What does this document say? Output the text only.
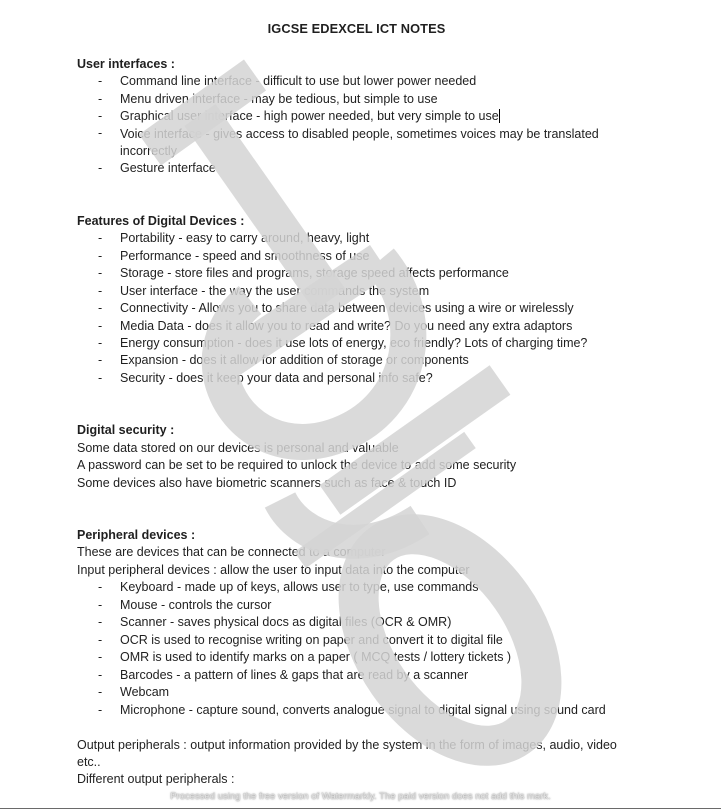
IGCSE EDEXCEL ICT NOTES
User interfaces :
- Command line interface - difficult to use but lower power needed
- Menu driven interface - may be tedious, but simple to use
- Graphical user interface - high power needed, but very simple to use
- Voice interface - gives access to disabled people, sometimes voices may be translated incorrectly
- Gesture interface
Features of Digital Devices :
- Portability - easy to carry around, heavy, light
- Performance - speed and smoothness of use
- Storage - store files and programs, storage speed affects performance
- User interface - the way the user commands the system
- Connectivity - Allows you to share data between devices using a wire or wirelessly
- Media Data - does it allow you to read and write? Do you need any extra adaptors
- Energy consumption - does it use lots of energy, eco friendly? Lots of charging time?
- Expansion - does it allow for addition of storage or components
- Security - does it keep your data and personal info safe?
Digital security :
Some data stored on our devices is personal and valuable
A password can be set to be required to unlock the device to add some security
Some devices also have biometric scanners such as face & touch ID
Peripheral devices :
These are devices that can be connected to a computer
Input peripheral devices : allow the user to input data into the computer
- Keyboard - made up of keys, allows user to type, use commands
- Mouse - controls the cursor
- Scanner - saves physical docs as digital files (OCR & OMR)
- OCR is used to recognise writing on paper and convert it to digital file
- OMR is used to identify marks on a paper ( MCQ tests / lottery tickets )
- Barcodes - a pattern of lines & gaps that are read by a scanner
- Webcam
- Microphone - capture sound, converts analogue signal to digital signal using sound card
Output peripherals : output information provided by the system in the form of images, audio, video etc..
Different output peripherals :
Processed using the free version of Watermarkly. The paid version does not add this mark.
